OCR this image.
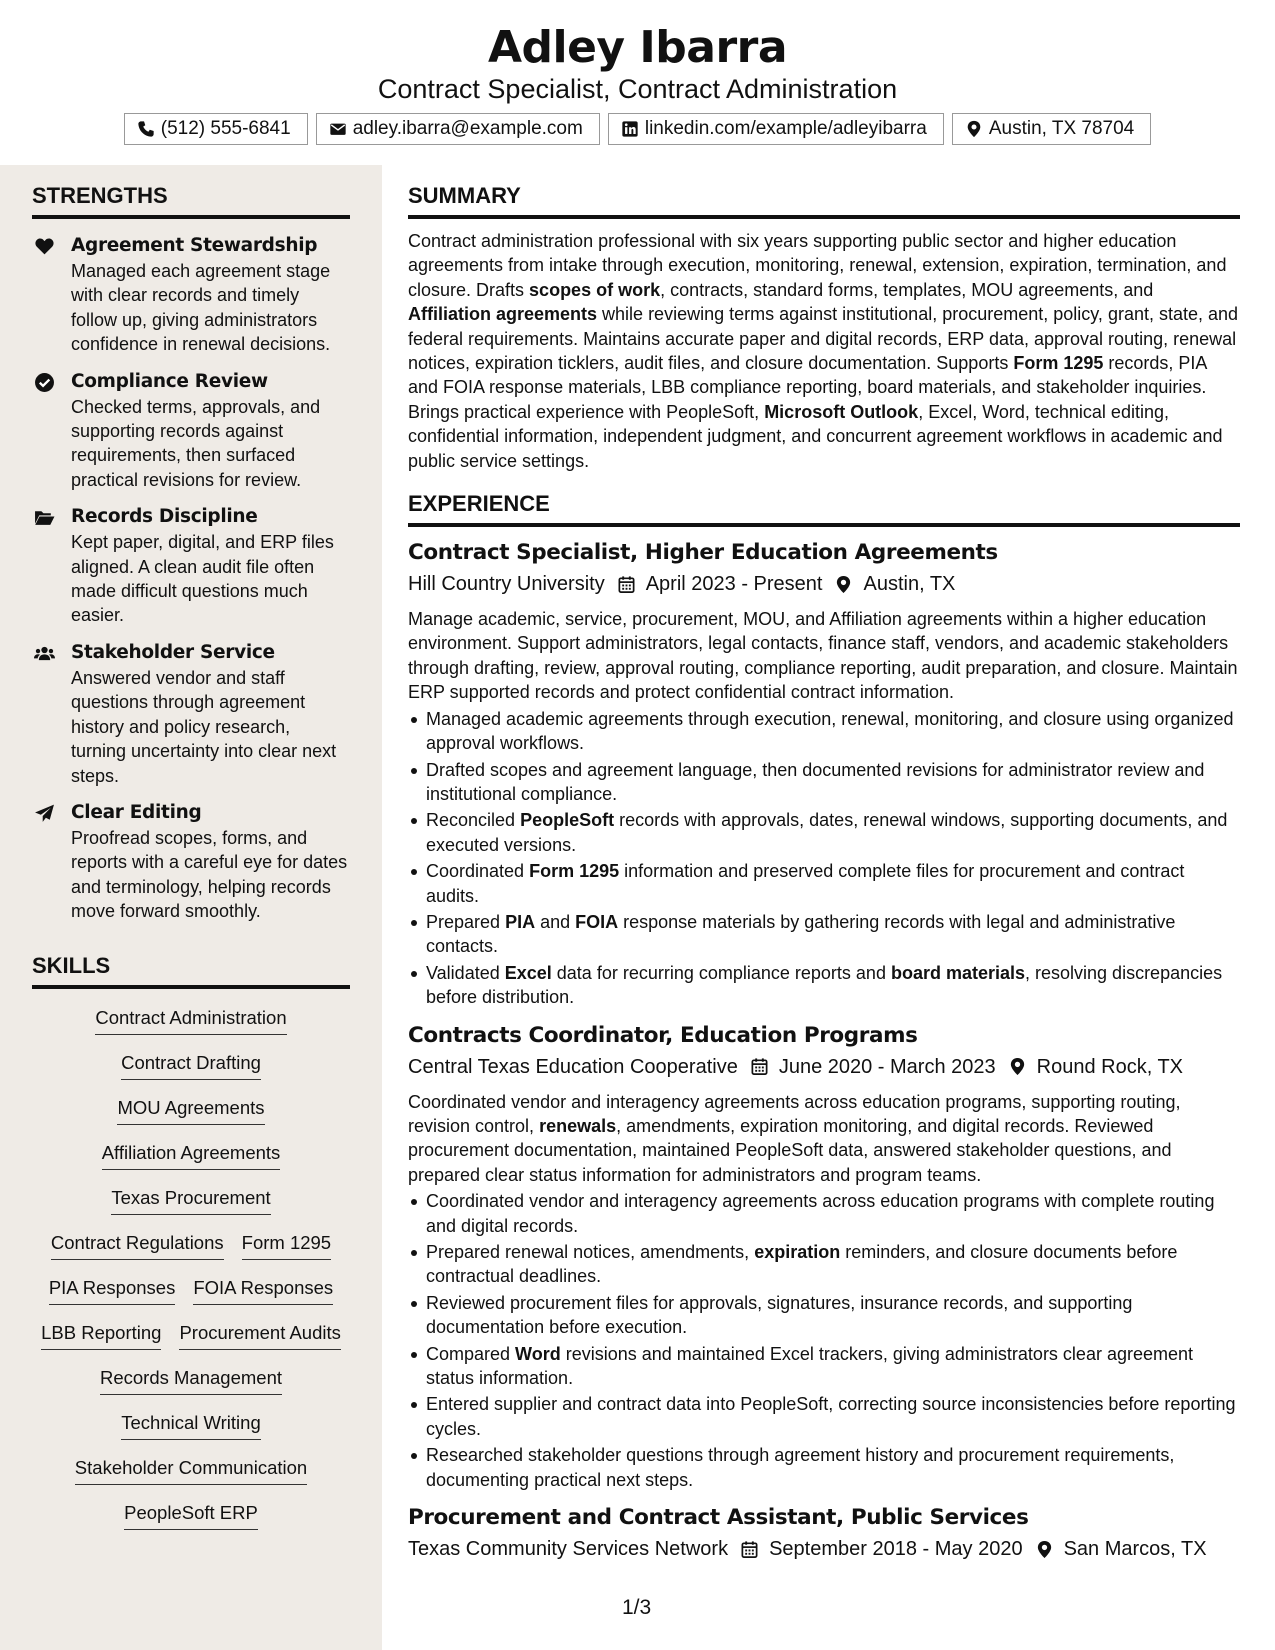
Adley Ibarra
Contract Specialist, Contract Administration
(512) 555-6841	adley.ibarra@example.com	linkedin.com/example/adleyibarra	Austin, TX 78704
STRENGTHS
Agreement Stewardship
Managed each agreement stage with clear records and timely follow up, giving administrators confidence in renewal decisions.
Compliance Review
Checked terms, approvals, and supporting records against requirements, then surfaced practical revisions for review.
Records Discipline
Kept paper, digital, and ERP files aligned. A clean audit file often made difficult questions much easier.
Stakeholder Service
Answered vendor and staff questions through agreement history and policy research, turning uncertainty into clear next steps.
Clear Editing
Proofread scopes, forms, and reports with a careful eye for dates and terminology, helping records move forward smoothly.
SKILLS
Contract Administration
Contract Drafting
MOU Agreements
Affiliation Agreements
Texas Procurement
Contract Regulations Form 1295
PIA Responses FOIA Responses
LBB Reporting Procurement Audits
Records Management
Technical Writing
Stakeholder Communication
PeopleSoft ERP
SUMMARY
Contract administration professional with six years supporting public sector and higher education agreements from intake through execution, monitoring, renewal, extension, expiration, termination, and closure. Drafts scopes of work, contracts, standard forms, templates, MOU agreements, and Affiliation agreements while reviewing terms against institutional, procurement, policy, grant, state, and federal requirements. Maintains accurate paper and digital records, ERP data, approval routing, renewal notices, expiration ticklers, audit files, and closure documentation. Supports Form 1295 records, PIA and FOIA response materials, LBB compliance reporting, board materials, and stakeholder inquiries. Brings practical experience with PeopleSoft, Microsoft Outlook, Excel, Word, technical editing, confidential information, independent judgment, and concurrent agreement workflows in academic and public service settings.
EXPERIENCE
Contract Specialist, Higher Education Agreements
Hill Country University April 2023 - Present Austin, TX
Manage academic, service, procurement, MOU, and Affiliation agreements within a higher education environment. Support administrators, legal contacts, finance staff, vendors, and academic stakeholders through drafting, review, approval routing, compliance reporting, audit preparation, and closure. Maintain ERP supported records and protect confidential contract information.
Managed academic agreements through execution, renewal, monitoring, and closure using organized approval workflows.
Drafted scopes and agreement language, then documented revisions for administrator review and institutional compliance.
Reconciled PeopleSoft records with approvals, dates, renewal windows, supporting documents, and executed versions.
Coordinated Form 1295 information and preserved complete files for procurement and contract audits.
Prepared PIA and FOIA response materials by gathering records with legal and administrative contacts.
Validated Excel data for recurring compliance reports and board materials, resolving discrepancies before distribution.
Contracts Coordinator, Education Programs
Central Texas Education Cooperative June 2020 - March 2023 Round Rock, TX
Coordinated vendor and interagency agreements across education programs, supporting routing, revision control, renewals, amendments, expiration monitoring, and digital records. Reviewed procurement documentation, maintained PeopleSoft data, answered stakeholder questions, and prepared clear status information for administrators and program teams.
Coordinated vendor and interagency agreements across education programs with complete routing and digital records.
Prepared renewal notices, amendments, expiration reminders, and closure documents before contractual deadlines.
Reviewed procurement files for approvals, signatures, insurance records, and supporting documentation before execution.
Compared Word revisions and maintained Excel trackers, giving administrators clear agreement status information.
Entered supplier and contract data into PeopleSoft, correcting source inconsistencies before reporting cycles.
Researched stakeholder questions through agreement history and procurement requirements, documenting practical next steps.
Procurement and Contract Assistant, Public Services
Texas Community Services Network September 2018 - May 2020 San Marcos, TX
1/3
